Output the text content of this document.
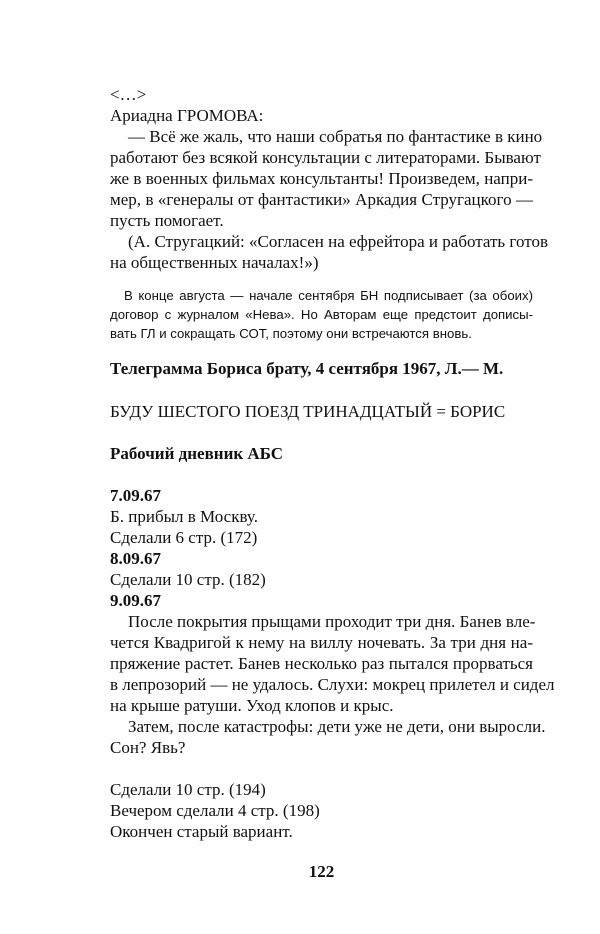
<…>
Ариадна ГРОМОВА:
— Всё же жаль, что наши собратья по фантастике в кино
работают без всякой консультации с литераторами. Бывают
же в военных фильмах консультанты! Произведем, напри-
мер, в «генералы от фантастики» Аркадия Стругацкого —
пусть помогает.
(А. Стругацкий: «Согласен на ефрейтора и работать готов
на общественных началах!»)
В конце августа — начале сентября БН подписывает (за обоих)
договор с журналом «Нева». Но Авторам еще предстоит дописы-
вать ГЛ и сокращать СОТ, поэтому они встречаются вновь.
Телеграмма Бориса брату, 4 сентября 1967, Л.— М.
БУДУ ШЕСТОГО ПОЕЗД ТРИНАДЦАТЫЙ = БОРИС
Рабочий дневник АБС
7.09.67
Б. прибыл в Москву.
Сделали 6 стр. (172)
8.09.67
Сделали 10 стр. (182)
9.09.67
После покрытия прыщами проходит три дня. Банев вле-
чется Квадригой к нему на виллу ночевать. За три дня на-
пряжение растет. Банев несколько раз пытался прорваться
в лепрозорий — не удалось. Слухи: мокрец прилетел и сидел
на крыше ратуши. Уход клопов и крыс.
Затем, после катастрофы: дети уже не дети, они выросли.
Сон? Явь?
Сделали 10 стр. (194)
Вечером сделали 4 стр. (198)
Окончен старый вариант.
122
